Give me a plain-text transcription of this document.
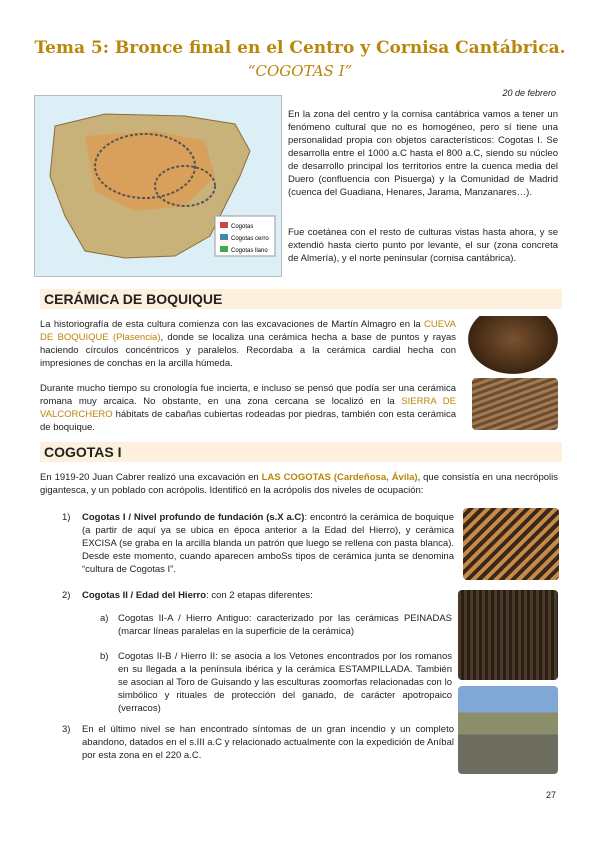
Tema 5: Bronce final en el Centro y Cornisa Cantábrica.
“COGOTAS I”
20 de febrero
Cogotas
Cogotas cerro
Cogotas llano
En la zona del centro y la cornisa cantábrica vamos a tener un fenómeno cultural que no es homogéneo, pero sí tiene una personalidad propia con objetos característicos: Cogotas I. Se desarrolla entre el 1000 a.C hasta el 800 a.C, siendo su núcleo de desarrollo principal los territorios entre la cuenca media del Duero (confluencia con Pisuerga) y la Comunidad de Madrid (cuenca del Guadiana, Henares, Jarama, Manzanares…).
Fue coetánea con el resto de culturas vistas hasta ahora, y se extendió hasta cierto punto por levante, el sur (zona concreta de Almería), y el norte peninsular (cornisa cantábrica).
CERÁMICA DE BOQUIQUE
La historiografía de esta cultura comienza con las excavaciones de Martín Almagro en la CUEVA DE BOQUIQUE (Plasencia), donde se localiza una cerámica hecha a base de puntos y rayas haciendo círculos concéntricos y paralelos. Recordaba a la cerámica cardial hecha con impresiones de conchas en la arcilla húmeda.
Durante mucho tiempo su cronología fue incierta, e incluso se pensó que podía ser una cerámica romana muy arcaica. No obstante, en una zona cercana se localizó en la SIERRA DE VALCORCHERO hábitats de cabañas cubiertas rodeadas por piedras, también con esta cerámica de boquique.
COGOTAS I
En 1919-20 Juan Cabrer realizó una excavación en LAS COGOTAS (Cardeñosa, Ávila), que consistía en una necrópolis gigantesca, y un poblado con acrópolis. Identificó en la acrópolis dos niveles de ocupación:
1) Cogotas I / Nivel profundo de fundación (s.X a.C): encontró la cerámica de boquique (a partir de aquí ya se ubica en época anterior a la Edad del Hierro), y cerámica EXCISA (se graba en la arcilla blanda un patrón que luego se rellena con pasta blanca). Desde este momento, cuando aparecen amboSs tipos de cerámica junta se denomina “cultura de Cogotas I”.
2) Cogotas II / Edad del Hierro: con 2 etapas diferentes:
a) Cogotas II-A / Hierro Antiguo: caracterizado por las cerámicas PEINADAS (marcar líneas paralelas en la superficie de la cerámica)
b) Cogotas II-B / Hierro II: se asocia a los Vetones encontrados por los romanos en su llegada a la península ibérica y la cerámica ESTAMPILLADA. También se asocian al Toro de Guisando y las esculturas zoomorfas relacionadas con lo simbólico y rituales de protección del ganado, de carácter apotropaico (verracos)
3) En el último nivel se han encontrado síntomas de un gran incendio y un completo abandono, datados en el s.III a.C y relacionado actualmente con la expedición de Aníbal por esta zona en el 220 a.C.
27
